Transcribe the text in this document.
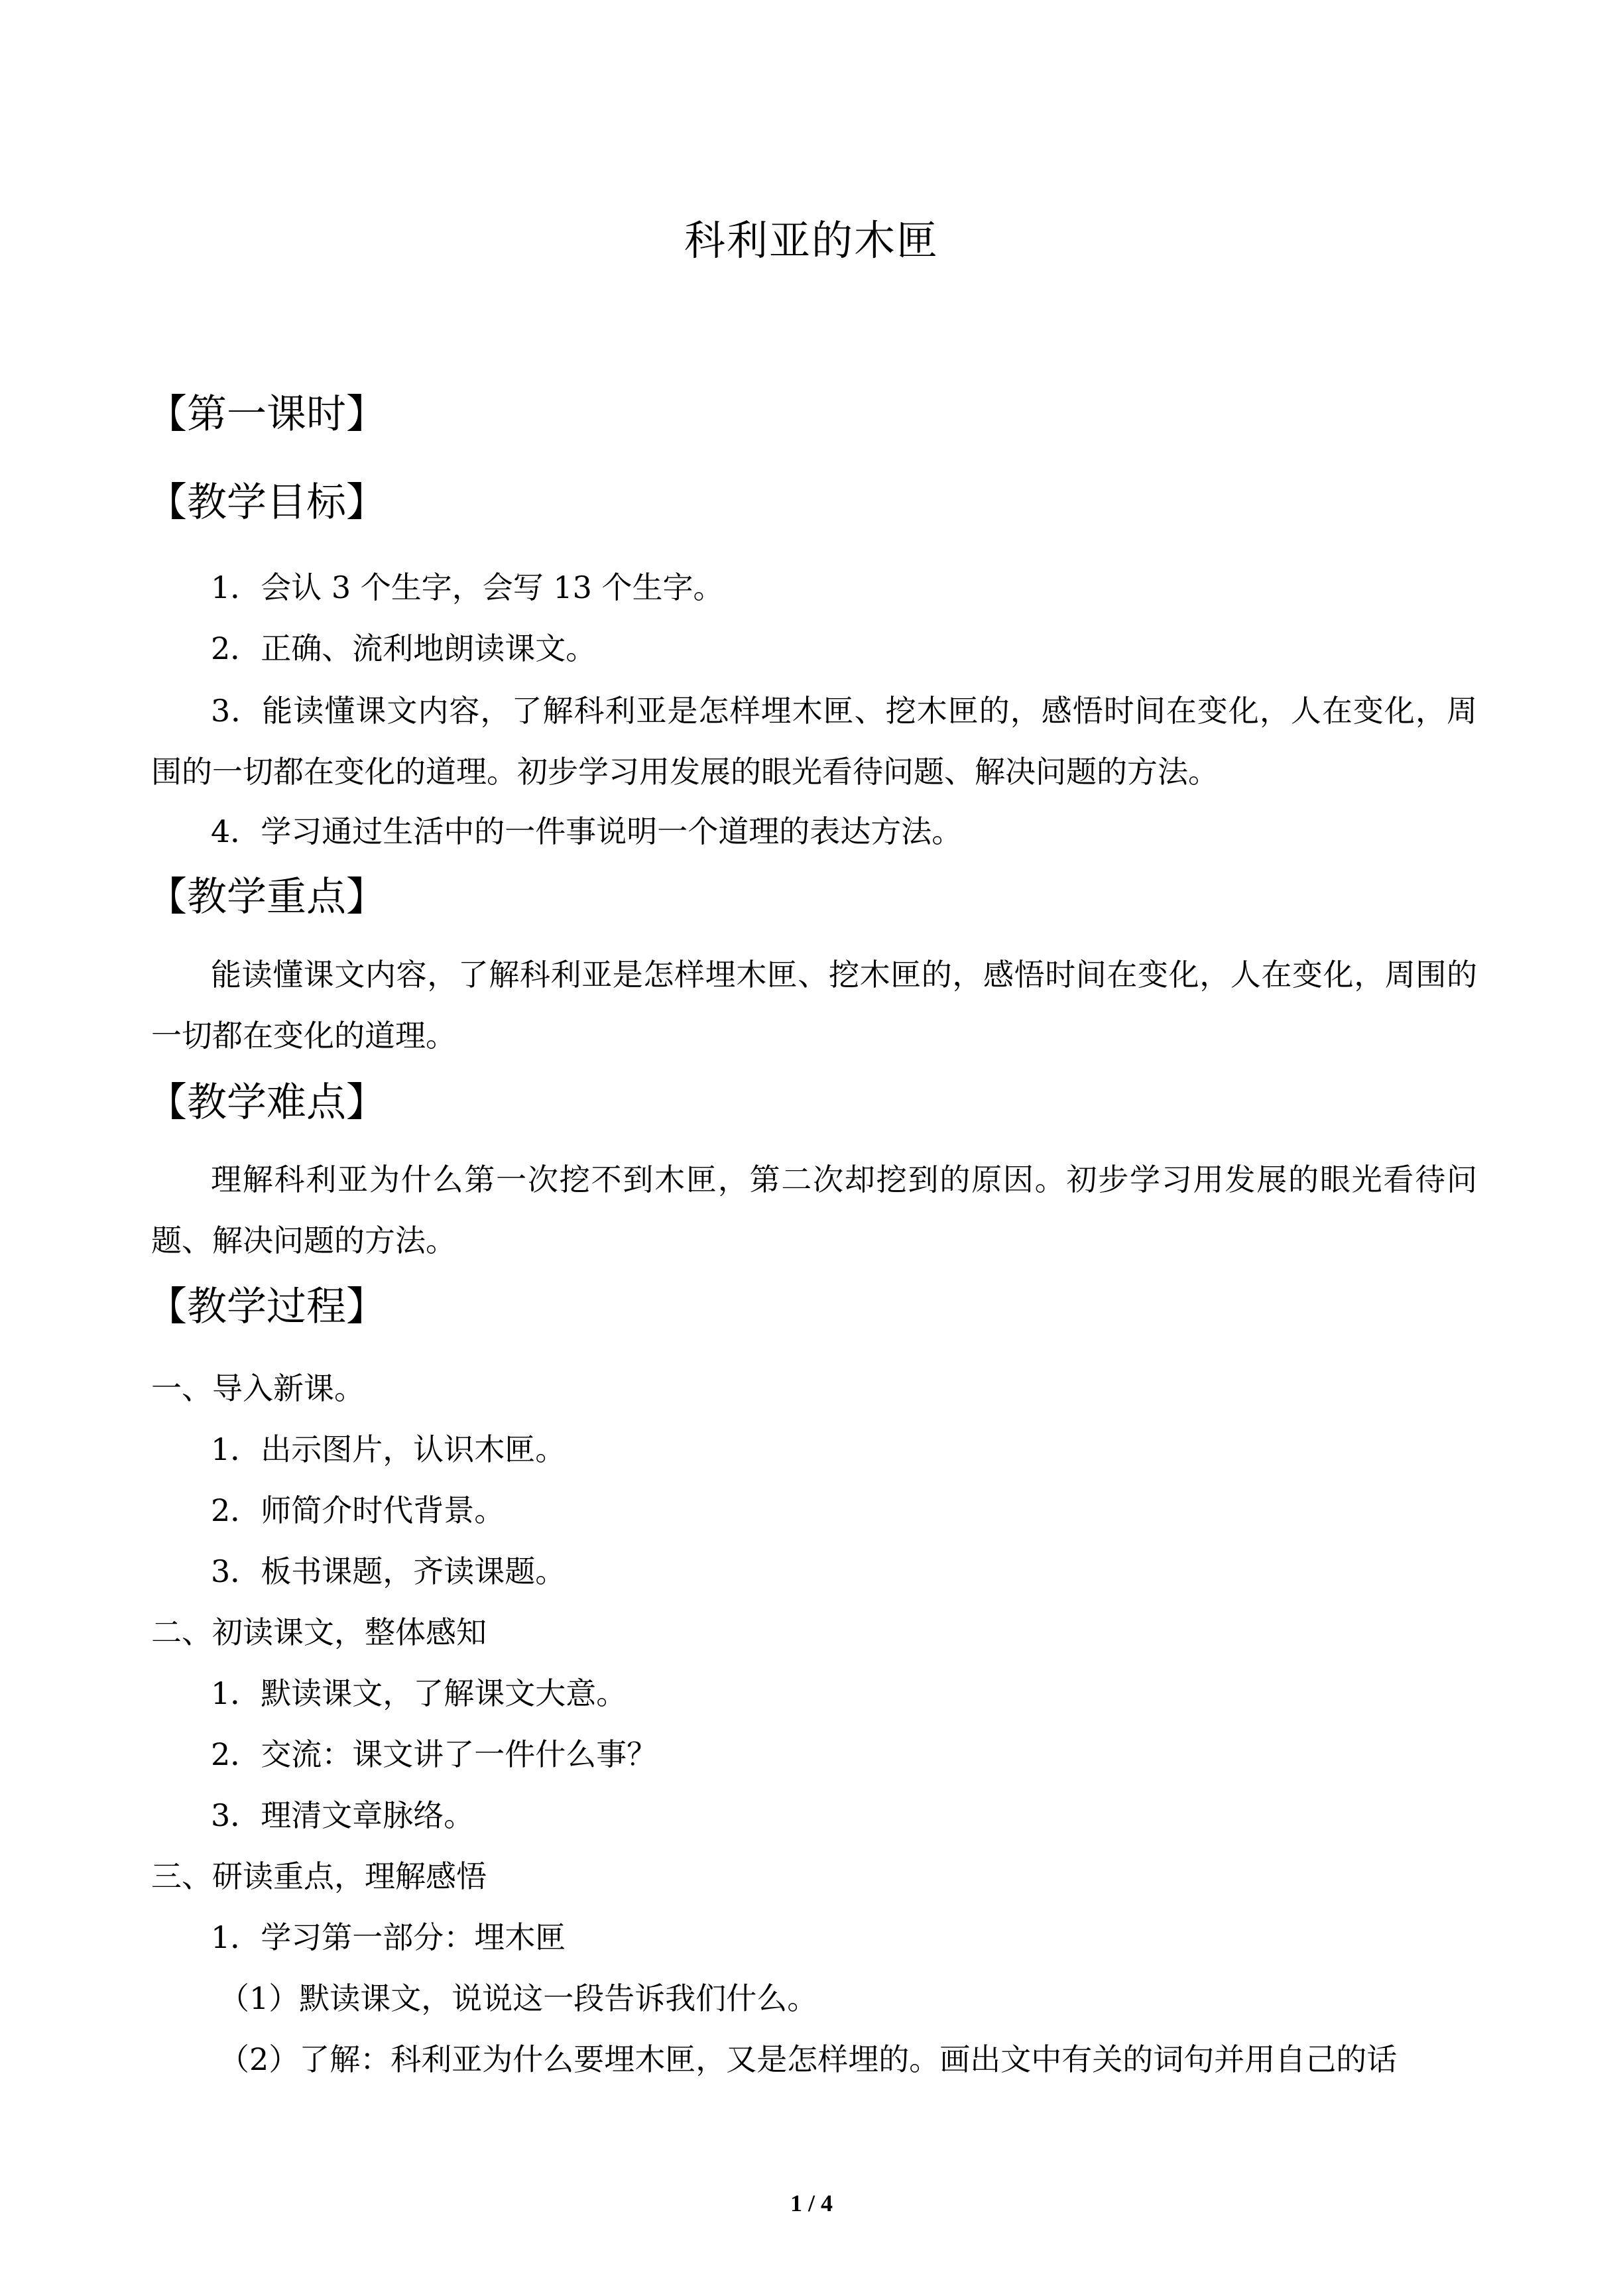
科利亚的木匣
【第一课时】
【教学目标】
1．会认 3 个生字，会写 13 个生字。
2．正确、流利地朗读课文。
3．能读懂课文内容，了解科利亚是怎样埋木匣、挖木匣的，感悟时间在变化，人在变化，周围的一切都在变化的道理。初步学习用发展的眼光看待问题、解决问题的方法。
4．学习通过生活中的一件事说明一个道理的表达方法。
【教学重点】
能读懂课文内容，了解科利亚是怎样埋木匣、挖木匣的，感悟时间在变化，人在变化，周围的一切都在变化的道理。
【教学难点】
理解科利亚为什么第一次挖不到木匣，第二次却挖到的原因。初步学习用发展的眼光看待问题、解决问题的方法。
【教学过程】
一、导入新课。
1．出示图片，认识木匣。
2．师简介时代背景。
3．板书课题，齐读课题。
二、初读课文，整体感知
1．默读课文，了解课文大意。
2．交流：课文讲了一件什么事？
3．理清文章脉络。
三、研读重点，理解感悟
1．学习第一部分：埋木匣
（1）默读课文，说说这一段告诉我们什么。
（2）了解：科利亚为什么要埋木匣，又是怎样埋的。画出文中有关的词句并用自己的话
1 / 4
